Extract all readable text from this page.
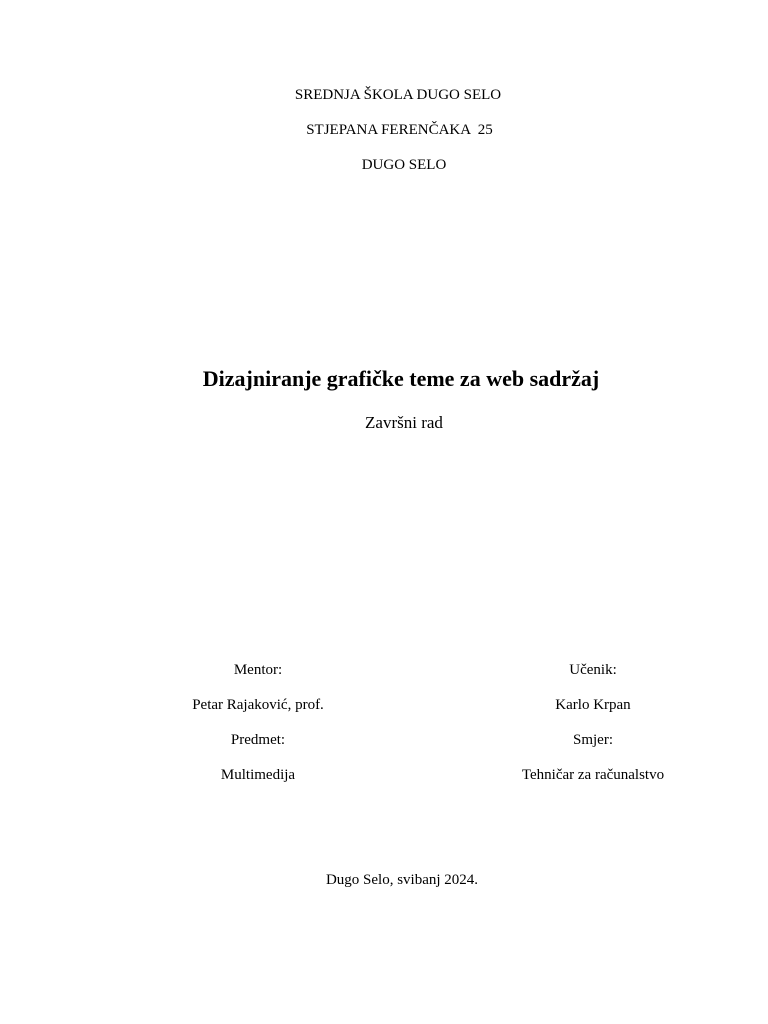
SREDNJA ŠKOLA DUGO SELO
STJEPANA FERENČAKA  25
DUGO SELO
Dizajniranje grafičke teme za web sadržaj
Završni rad
Mentor:
Petar Rajaković, prof.
Predmet:
Multimedija
Učenik:
Karlo Krpan
Smjer:
Tehničar za računalstvo
Dugo Selo, svibanj 2024.
